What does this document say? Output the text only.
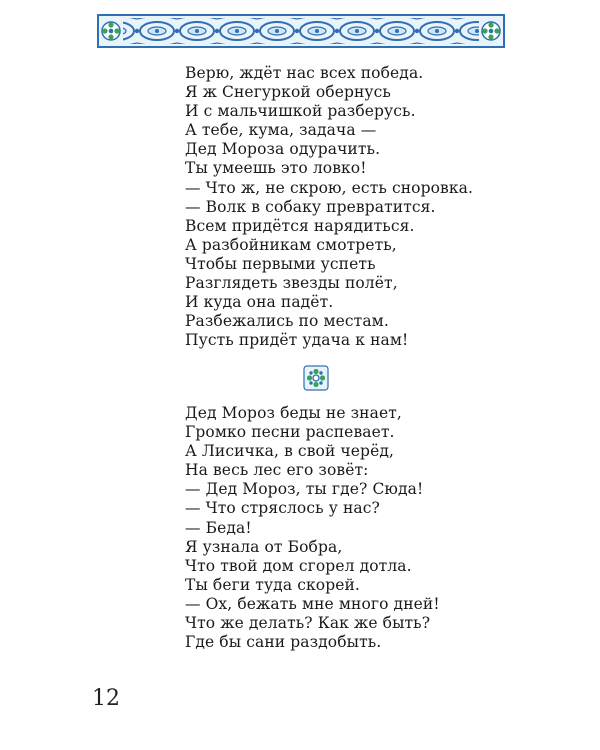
Верю, ждёт нас всех победа.
Я ж Снегуркой обернусь
И с мальчишкой разберусь.
А тебе, кума, задача —
Дед Мороза одурачить.
Ты умеешь это ловко!
— Что ж, не скрою, есть сноровка.
— Волк в собаку превратится.
Всем придётся нарядиться.
А разбойникам смотреть,
Чтобы первыми успеть
Разглядеть звезды полёт,
И куда она падёт.
Разбежались по местам.
Пусть придёт удача к нам!
Дед Мороз беды не знает,
Громко песни распевает.
А Лисичка, в свой черёд,
На весь лес его зовёт:
— Дед Мороз, ты где? Сюда!
— Что стряслось у нас?
— Беда!
Я узнала от Бобра,
Что твой дом сгорел дотла.
Ты беги туда скорей.
— Ох, бежать мне много дней!
Что же делать? Как же быть?
Где бы сани раздобыть.
12
